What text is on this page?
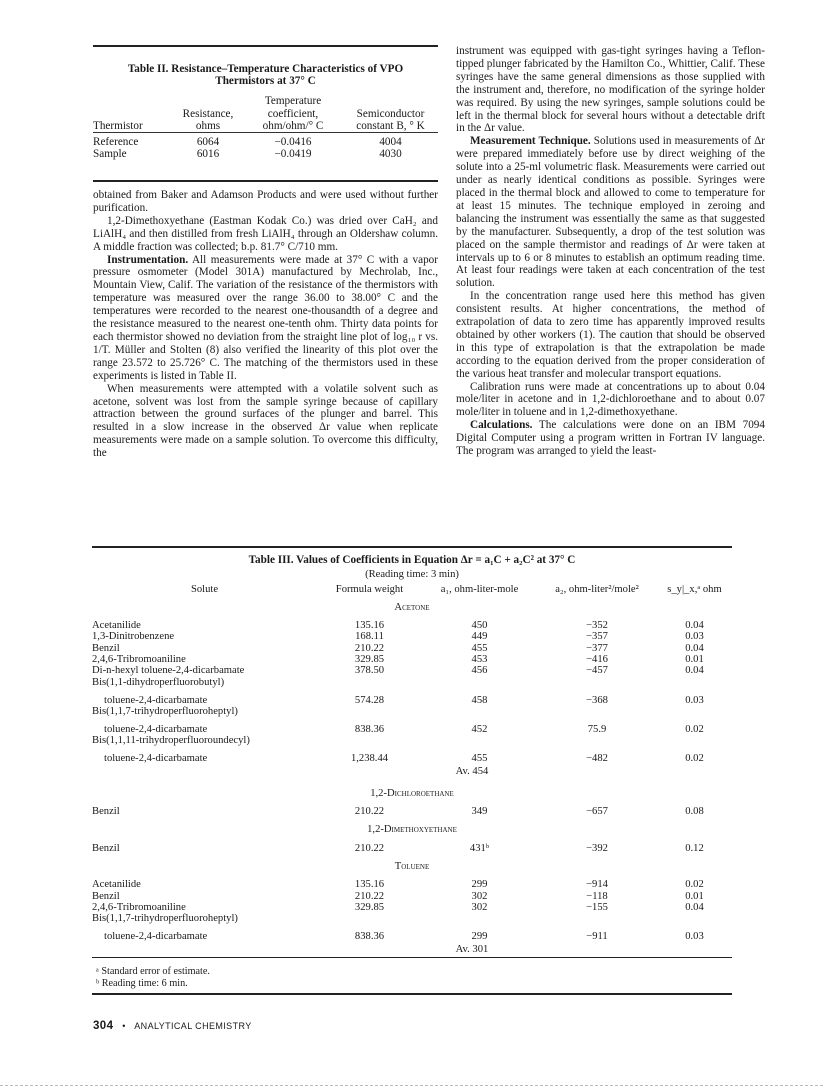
Table II. Resistance–Temperature Characteristics of VPO
Thermistors at 37° C
		Temperature	
	Resistance,	coefficient,	Semiconductor
Thermistor	ohms	ohm/ohm/° C	constant B, ° K
Reference	6064	−0.0416	4004
Sample	6016	−0.0419	4030

obtained from Baker and Adamson Products and were used without further purification.

1,2-Dimethoxyethane (Eastman Kodak Co.) was dried over CaH₂ and LiAlH₄ and then distilled from fresh LiAlH₄ through an Oldershaw column. A middle fraction was collected; b.p. 81.7° C/710 mm.

Instrumentation. All measurements were made at 37° C with a vapor pressure osmometer (Model 301A) manufactured by Mechrolab, Inc., Mountain View, Calif. The variation of the resistance of the thermistors with temperature was measured over the range 36.00 to 38.00° C and the temperatures were recorded to the nearest one-thousandth of a degree and the resistance measured to the nearest one-tenth ohm. Thirty data points for each thermistor showed no deviation from the straight line plot of log₁₀ r vs. 1/T. Müller and Stolten (8) also verified the linearity of this plot over the range 23.572 to 25.726° C. The matching of the thermistors used in these experiments is listed in Table II.

When measurements were attempted with a volatile solvent such as acetone, solvent was lost from the sample syringe because of capillary attraction between the ground surfaces of the plunger and barrel. This resulted in a slow increase in the observed Δr value when replicate measurements were made on a sample solution. To overcome this difficulty, the

instrument was equipped with gas-tight syringes having a Teflon-tipped plunger fabricated by the Hamilton Co., Whittier, Calif. These syringes have the same general dimensions as those supplied with the instrument and, therefore, no modification of the syringe holder was required. By using the new syringes, sample solutions could be left in the thermal block for several hours without a detectable drift in the Δr value.

Measurement Technique. Solutions used in measurements of Δr were prepared immediately before use by direct weighing of the solute into a 25-ml volumetric flask. Measurements were carried out under as nearly identical conditions as possible. Syringes were placed in the thermal block and allowed to come to temperature for at least 15 minutes. The technique employed in zeroing and balancing the instrument was essentially the same as that suggested by the manufacturer. Subsequently, a drop of the test solution was placed on the sample thermistor and readings of Δr were taken at intervals up to 6 or 8 minutes to establish an optimum reading time. At least four readings were taken at each concentration of the test solution.

In the concentration range used here this method has given consistent results. At higher concentrations, the method of extrapolation of data to zero time has apparently improved results obtained by other workers (1). The caution that should be observed in this type of extrapolation is that the extrapolation be made according to the equation derived from the proper consideration of the various heat transfer and molecular transport equations.

Calibration runs were made at concentrations up to about 0.04 mole/liter in acetone and in 1,2-dichloroethane and to about 0.07 mole/liter in toluene and in 1,2-dimethoxyethane.

Calculations. The calculations were done on an IBM 7094 Digital Computer using a program written in Fortran IV language. The program was arranged to yield the least-

Table III. Values of Coefficients in Equation Δr = a₁C + a₂C² at 37° C
(Reading time: 3 min)
Solute	Formula weight	a₁, ohm-liter-mole	a₂, ohm-liter²/mole²	s_y|_x,ᵃ ohm
Acetone				
Acetanilide	135.16	450	−352	0.04
1,3-Dinitrobenzene	168.11	449	−357	0.03
Benzil	210.22	455	−377	0.04
2,4,6-Tribromoaniline	329.85	453	−416	0.01
Di-n-hexyl toluene-2,4-dicarbamate	378.50	456	−457	0.04
Bis(1,1-dihydroperfluorobutyl)				
toluene-2,4-dicarbamate	574.28	458	−368	0.03
Bis(1,1,7-trihydroperfluoroheptyl)				
toluene-2,4-dicarbamate	838.36	452	75.9	0.02
Bis(1,1,11-trihydroperfluoroundecyl)				
toluene-2,4-dicarbamate	1,238.44	455	−482	0.02
Av. 454				
1,2-Dichloroethane				
Benzil	210.22	349	−657	0.08
1,2-Dimethoxyethane				
Benzil	210.22	431ᵇ	−392	0.12
Toluene				
Acetanilide	135.16	299	−914	0.02
Benzil	210.22	302	−118	0.01
2,4,6-Tribromoaniline	329.85	302	−155	0.04
Bis(1,1,7-trihydroperfluoroheptyl)				
toluene-2,4-dicarbamate	838.36	299	−911	0.03
Av. 301				
ᵃ Standard error of estimate.
ᵇ Reading time: 6 min.
304 • ANALYTICAL CHEMISTRY
